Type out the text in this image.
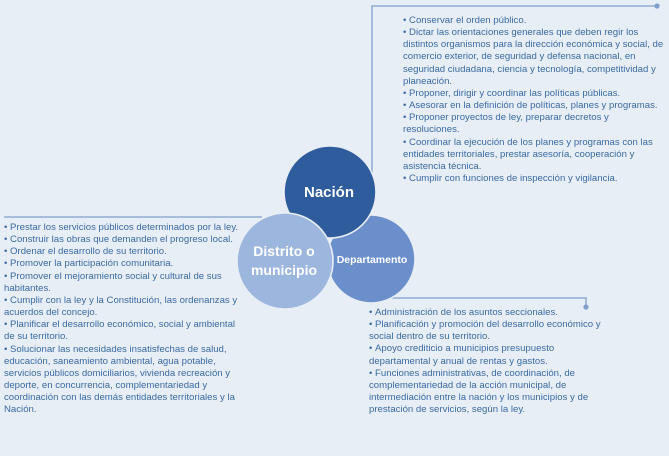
Nación
Distrito o municipio
Departamento
• Conservar el orden público.
• Dictar las orientaciones generales que deben regir los distintos organismos para la dirección económica y social, de comercio exterior, de seguridad y defensa nacional, en seguridad ciudadana, ciencia y tecnología, competitividad y planeación.
• Proponer, dirigir y coordinar las políticas públicas.
• Asesorar en la definición de políticas, planes y programas.
• Proponer proyectos de ley, preparar decretos y resoluciones.
• Coordinar la ejecución de los planes y programas con las entidades territoriales, prestar asesoría, cooperación y asistencia técnica.
• Cumplir con funciones de inspección y vigilancia.
• Prestar los servicios públicos determinados por la ley.
• Construir las obras que demanden el progreso local.
• Ordenar el desarrollo de su territorio.
• Promover la participación comunitaria.
• Promover el mejoramiento social y cultural de sus habitantes.
• Cumplir con la ley y la Constitución, las ordenanzas y acuerdos del concejo.
• Planificar el desarrollo económico, social y ambiental de su territorio.
• Solucionar las necesidades insatisfechas de salud, educación, saneamiento ambiental, agua potable, servicios públicos domiciliarios, vivienda recreación y deporte, en concurrencia, complementariedad y coordinación con las demás entidades territoriales y la Nación.
• Administración de los asuntos seccionales.
• Planificación y promoción del desarrollo económico y social dentro de su territorio.
• Apoyo crediticio a municipios presupuesto departamental y anual de rentas y gastos.
• Funciones administrativas, de coordinación, de complementariedad de la acción municipal, de intermediación entre la nación y los municipios y de prestación de servicios, según la ley.
